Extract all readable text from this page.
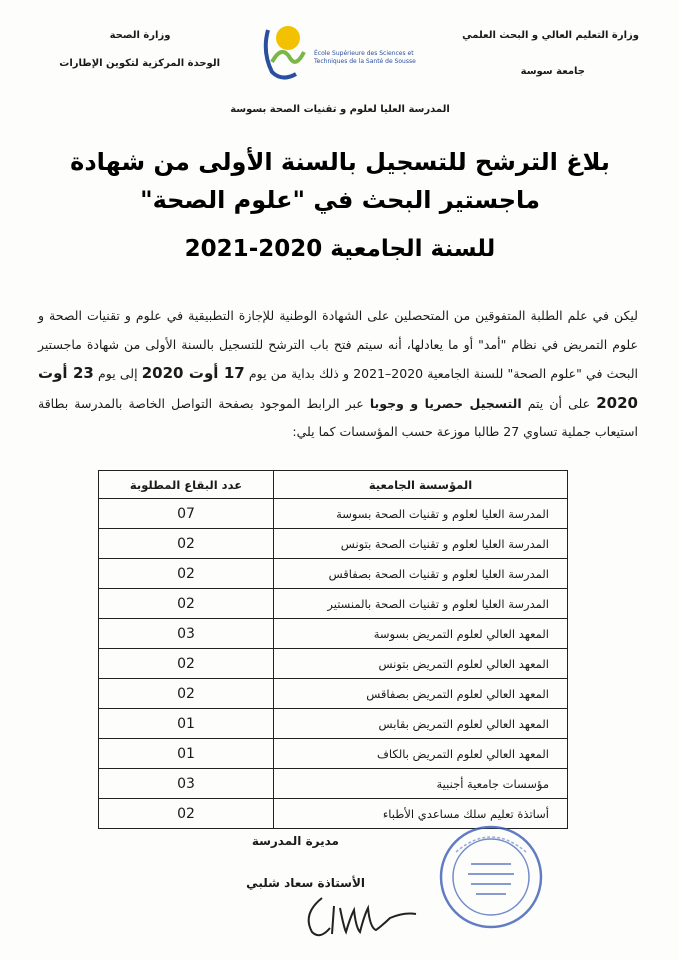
وزارة التعليم العالي و البحث العلمي
جامعة سوسة
وزارة الصحة
الوحدة المركزية لتكوين الإطارات
École Supérieure des Sciences et Techniques de la Santé de Sousse
المدرسة العليا لعلوم و تقنيات الصحة بسوسة
بلاغ الترشح للتسجيل بالسنة الأولى من شهادة
ماجستير البحث في "علوم الصحة"
للسنة الجامعية 2020-2021
ليكن في علم الطلبة المتفوقين من المتحصلين على الشهادة الوطنية للإجازة التطبيقية في علوم و تقنيات الصحة و علوم التمريض في نظام "أمد" أو ما يعادلها، أنه سيتم فتح باب الترشح للتسجيل بالسنة الأولى من شهادة ماجستير البحث في "علوم الصحة" للسنة الجامعية 2020–2021 و ذلك بداية من يوم 17 أوت 2020 إلى يوم 23 أوت 2020 على أن يتم التسجيل حصريا و وجوبا عبر الرابط الموجود بصفحة التواصل الخاصة بالمدرسة بطاقة استيعاب جملية تساوي 27 طالبا موزعة حسب المؤسسات كما يلي:
المؤسسة الجامعية	عدد البقاع المطلوبة
المدرسة العليا لعلوم و تقنيات الصحة بسوسة	07
المدرسة العليا لعلوم و تقنيات الصحة بتونس	02
المدرسة العليا لعلوم و تقنيات الصحة بصفاقس	02
المدرسة العليا لعلوم و تقنيات الصحة بالمنستير	02
المعهد العالي لعلوم التمريض بسوسة	03
المعهد العالي لعلوم التمريض بتونس	02
المعهد العالي لعلوم التمريض بصفاقس	02
المعهد العالي لعلوم التمريض بقابس	01
المعهد العالي لعلوم التمريض بالكاف	01
مؤسسات جامعية أجنبية	03
أساتذة تعليم سلك مساعدي الأطباء	02
مديرة المدرسة
الأستاذة سعاد شلبي
